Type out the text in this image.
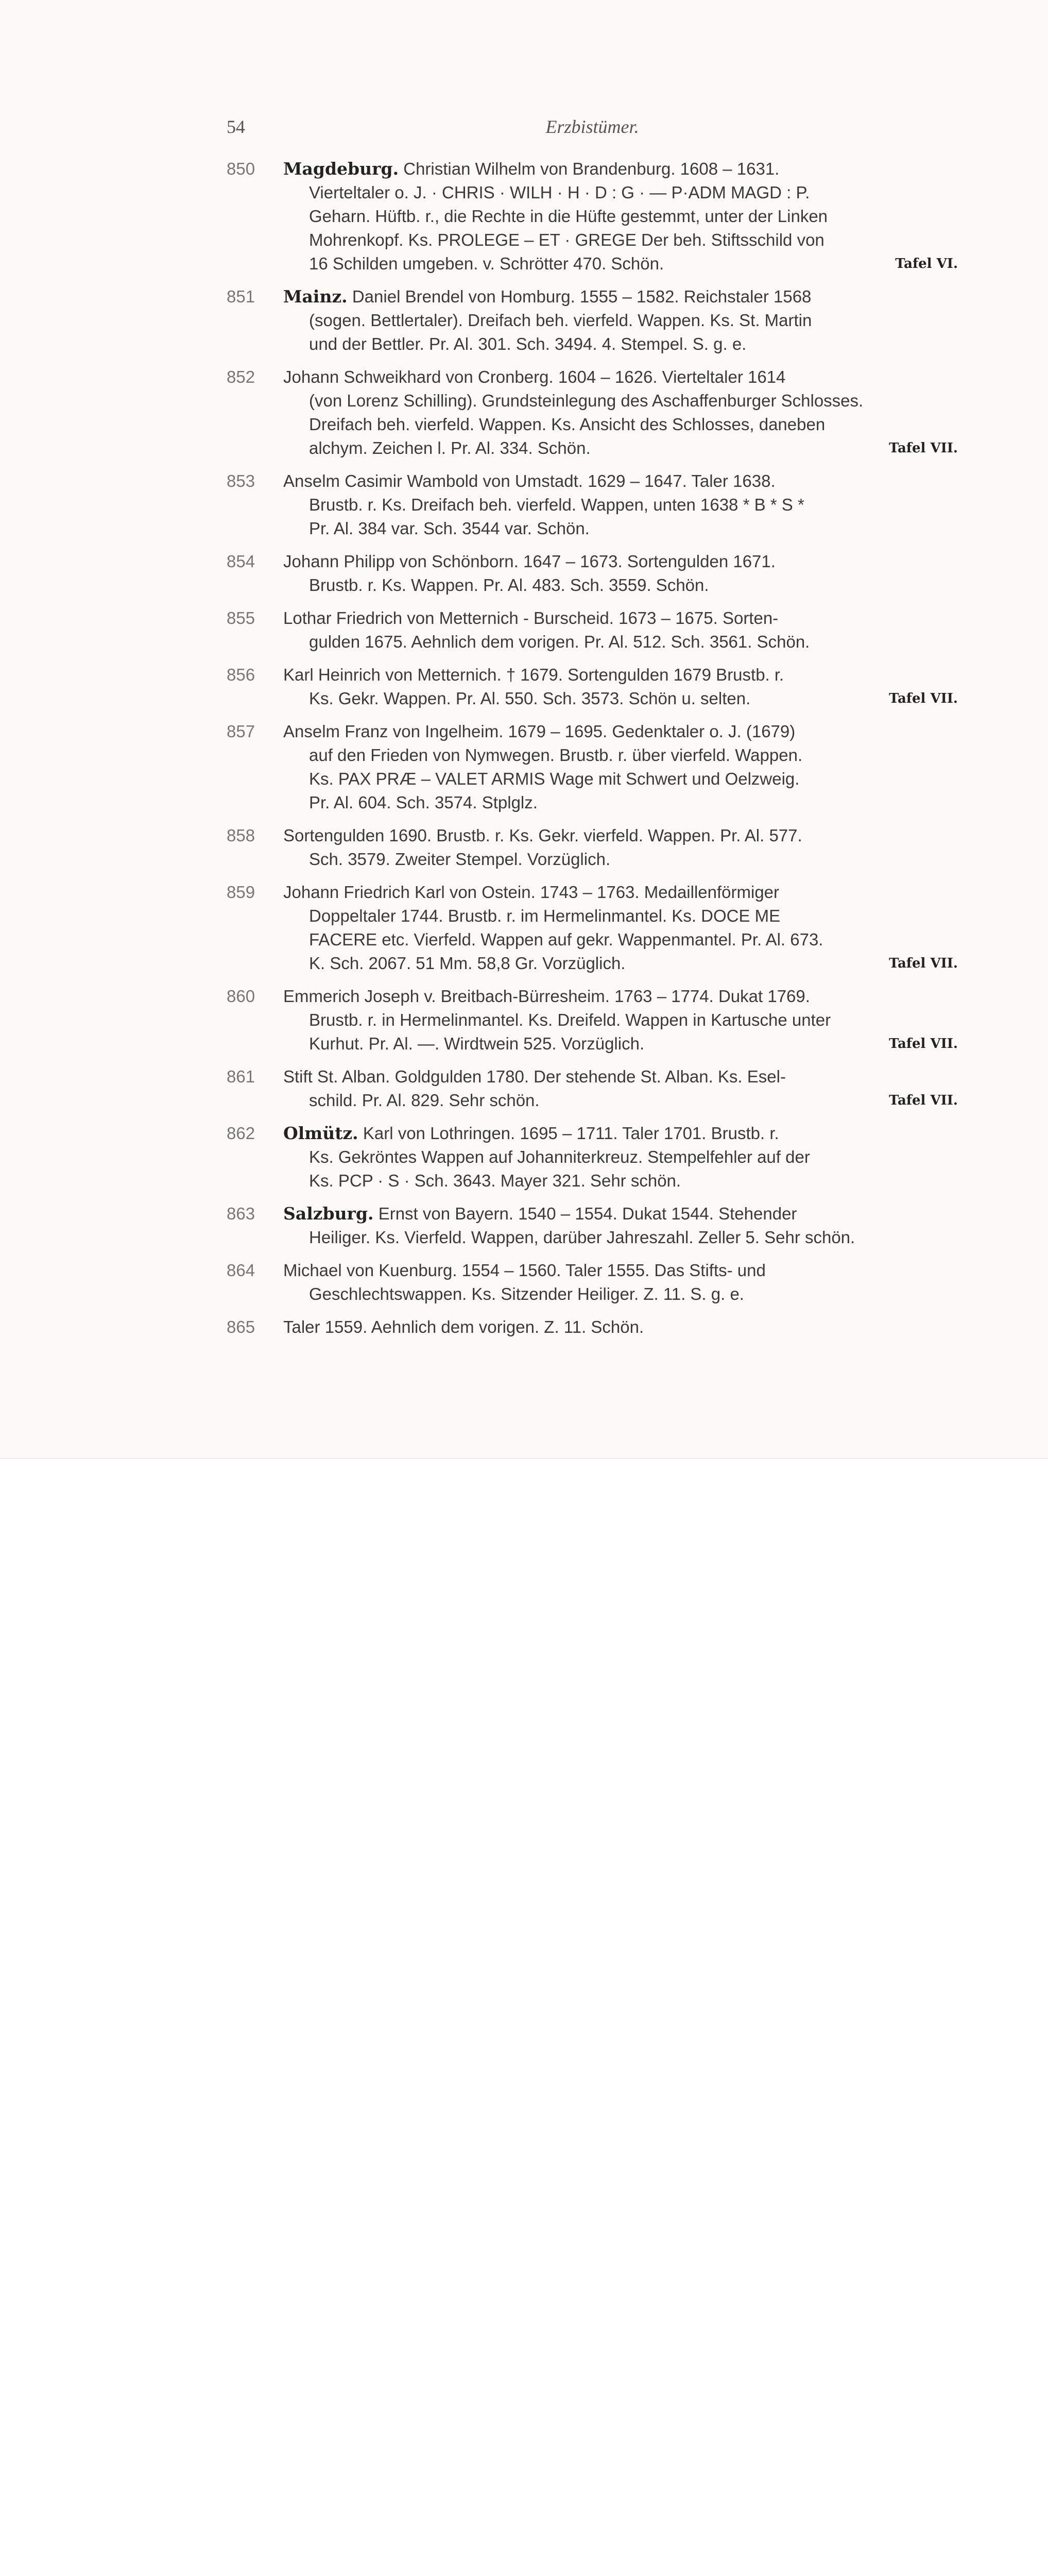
54	Erzbistümer.
850 Magdeburg. Christian Wilhelm von Brandenburg. 1608 – 1631.
Vierteltaler o. J. · CHRIS · WILH · H · D : G · — P·ADM MAGD : P.
Geharn. Hüftb. r., die Rechte in die Hüfte gestemmt, unter der Linken
Mohrenkopf. Ks. PROLEGE – ET · GREGE Der beh. Stiftsschild von
16 Schilden umgeben. v. Schrötter 470. Schön.	Tafel VI.
851 Mainz. Daniel Brendel von Homburg. 1555 – 1582. Reichstaler 1568
(sogen. Bettlertaler). Dreifach beh. vierfeld. Wappen. Ks. St. Martin
und der Bettler. Pr. Al. 301. Sch. 3494. 4. Stempel. S. g. e.
852 Johann Schweikhard von Cronberg. 1604 – 1626. Vierteltaler 1614
(von Lorenz Schilling). Grundsteinlegung des Aschaffenburger Schlosses.
Dreifach beh. vierfeld. Wappen. Ks. Ansicht des Schlosses, daneben
alchym. Zeichen l. Pr. Al. 334. Schön.	Tafel VII.
853 Anselm Casimir Wambold von Umstadt. 1629 – 1647. Taler 1638.
Brustb. r. Ks. Dreifach beh. vierfeld. Wappen, unten 1638 * B * S *
Pr. Al. 384 var. Sch. 3544 var. Schön.
854 Johann Philipp von Schönborn. 1647 – 1673. Sortengulden 1671.
Brustb. r. Ks. Wappen. Pr. Al. 483. Sch. 3559. Schön.
855 Lothar Friedrich von Metternich - Burscheid. 1673 – 1675. Sorten-
gulden 1675. Aehnlich dem vorigen. Pr. Al. 512. Sch. 3561. Schön.
856 Karl Heinrich von Metternich. † 1679. Sortengulden 1679 Brustb. r.
Ks. Gekr. Wappen. Pr. Al. 550. Sch. 3573. Schön u. selten.	Tafel VII.
857 Anselm Franz von Ingelheim. 1679 – 1695. Gedenktaler o. J. (1679)
auf den Frieden von Nymwegen. Brustb. r. über vierfeld. Wappen.
Ks. PAX PRÆ – VALET ARMIS Wage mit Schwert und Oelzweig.
Pr. Al. 604. Sch. 3574. Stplglz.
858 Sortengulden 1690. Brustb. r. Ks. Gekr. vierfeld. Wappen. Pr. Al. 577.
Sch. 3579. Zweiter Stempel. Vorzüglich.
859 Johann Friedrich Karl von Ostein. 1743 – 1763. Medaillenförmiger
Doppeltaler 1744. Brustb. r. im Hermelinmantel. Ks. DOCE ME
FACERE etc. Vierfeld. Wappen auf gekr. Wappenmantel. Pr. Al. 673.
K. Sch. 2067. 51 Mm. 58,8 Gr. Vorzüglich.	Tafel VII.
860 Emmerich Joseph v. Breitbach-Bürresheim. 1763 – 1774. Dukat 1769.
Brustb. r. in Hermelinmantel. Ks. Dreifeld. Wappen in Kartusche unter
Kurhut. Pr. Al. —. Wirdtwein 525. Vorzüglich.	Tafel VII.
861 Stift St. Alban. Goldgulden 1780. Der stehende St. Alban. Ks. Esel-
schild. Pr. Al. 829. Sehr schön.	Tafel VII.
862 Olmütz. Karl von Lothringen. 1695 – 1711. Taler 1701. Brustb. r.
Ks. Gekröntes Wappen auf Johanniterkreuz. Stempelfehler auf der
Ks. PCP · S · Sch. 3643. Mayer 321. Sehr schön.
863 Salzburg. Ernst von Bayern. 1540 – 1554. Dukat 1544. Stehender
Heiliger. Ks. Vierfeld. Wappen, darüber Jahreszahl. Zeller 5. Sehr schön.
864 Michael von Kuenburg. 1554 – 1560. Taler 1555. Das Stifts- und
Geschlechtswappen. Ks. Sitzender Heiliger. Z. 11. S. g. e.
865 Taler 1559. Aehnlich dem vorigen. Z. 11. Schön.
